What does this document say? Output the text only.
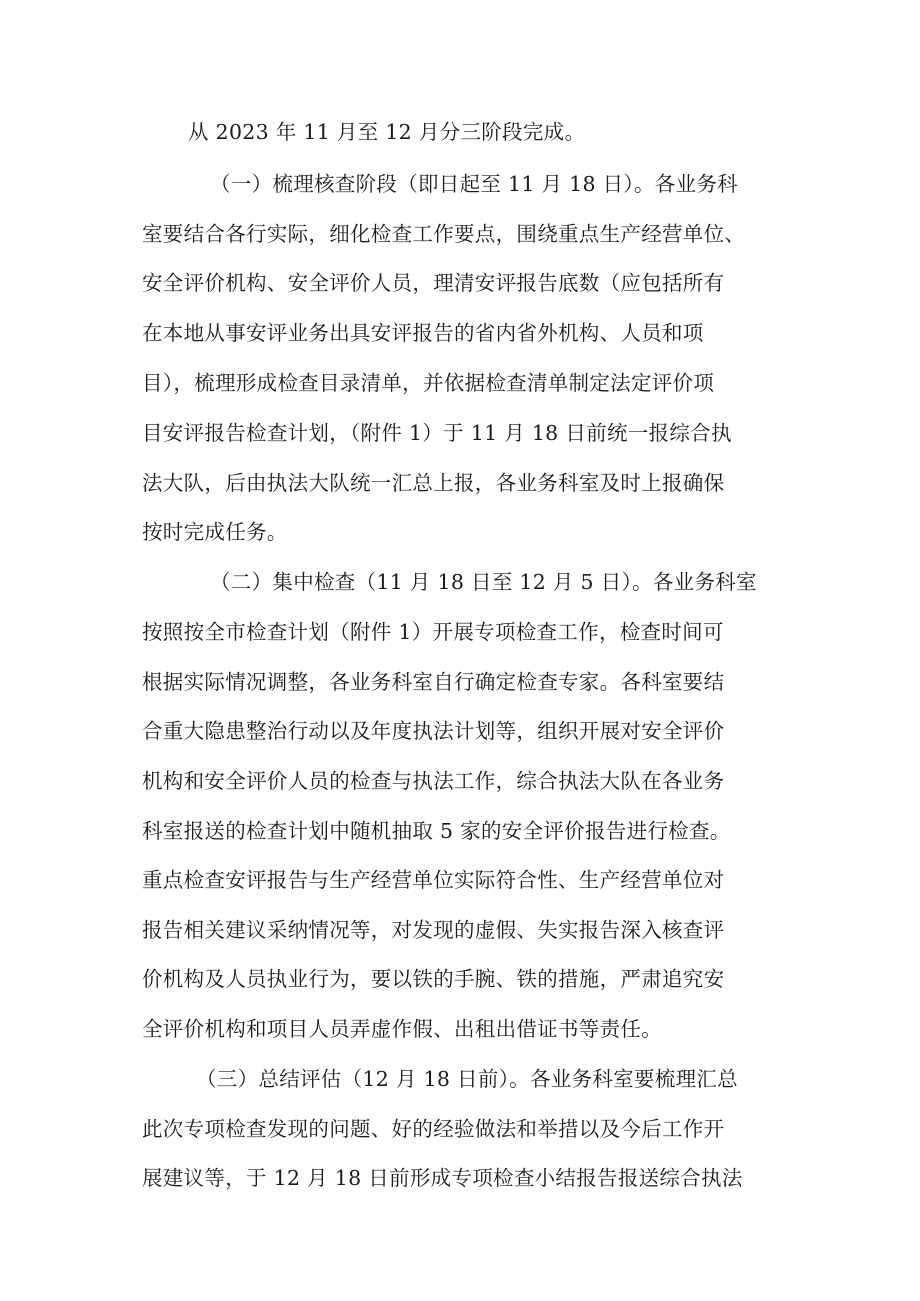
从 2023 年 11 月至 12 月分三阶段完成。

（一）梳理核查阶段（即日起至 11 月 18 日）。各业务科

室要结合各行实际，细化检查工作要点，围绕重点生产经营单位、

安全评价机构、安全评价人员，理清安评报告底数（应包括所有

在本地从事安评业务出具安评报告的省内省外机构、人员和项

目），梳理形成检查目录清单，并依据检查清单制定法定评价项

目安评报告检查计划，（附件 1）于 11 月 18 日前统一报综合执

法大队，后由执法大队统一汇总上报，各业务科室及时上报确保

按时完成任务。

（二）集中检查（11 月 18 日至 12 月 5 日）。各业务科室

按照按全市检查计划（附件 1）开展专项检查工作，检查时间可

根据实际情况调整，各业务科室自行确定检查专家。各科室要结

合重大隐患整治行动以及年度执法计划等，组织开展对安全评价

机构和安全评价人员的检查与执法工作，综合执法大队在各业务

科室报送的检查计划中随机抽取 5 家的安全评价报告进行检查。

重点检查安评报告与生产经营单位实际符合性、生产经营单位对

报告相关建议采纳情况等，对发现的虚假、失实报告深入核查评

价机构及人员执业行为，要以铁的手腕、铁的措施，严肃追究安

全评价机构和项目人员弄虚作假、出租出借证书等责任。

（三）总结评估（12 月 18 日前）。各业务科室要梳理汇总

此次专项检查发现的问题、好的经验做法和举措以及今后工作开

展建议等，于 12 月 18 日前形成专项检查小结报告报送综合执法
